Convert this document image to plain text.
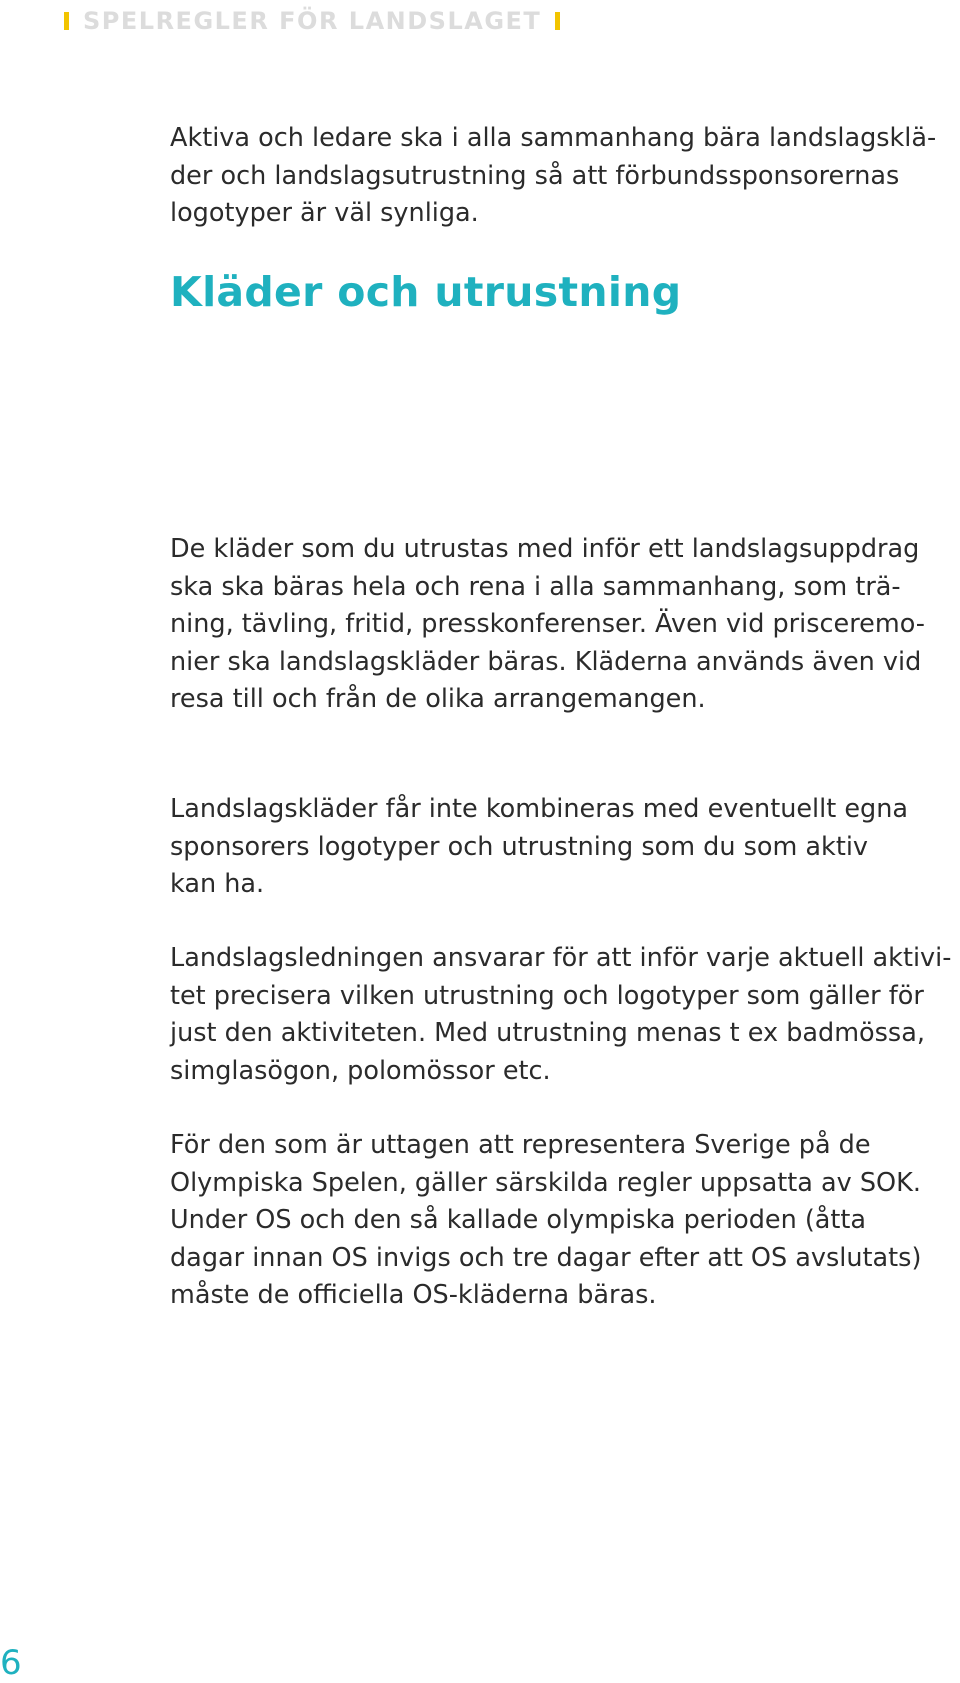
SPELREGLER FÖR LANDSLAGET
Kläder och utrustning

Aktiva och ledare ska i alla sammanhang bära landslagsklä-
der och landslagsutrustning så att förbundssponsorernas
logotyper är väl synliga.

De kläder som du utrustas med inför ett landslagsuppdrag
ska ska bäras hela och rena i alla sammanhang, som trä-
ning, tävling, fritid, presskonferenser. Även vid prisceremo-
nier ska landslagskläder bäras. Kläderna används även vid
resa till och från de olika arrangemangen.

Landslagskläder får inte kombineras med eventuellt egna
sponsorers logotyper och utrustning som du som aktiv
kan ha.

Landslagsledningen ansvarar för att inför varje aktuell aktivi-
tet precisera vilken utrustning och logotyper som gäller för
just den aktiviteten. Med utrustning menas t ex badmössa,
simglasögon, polomössor etc.

För den som är uttagen att representera Sverige på de
Olympiska Spelen, gäller särskilda regler uppsatta av SOK.
Under OS och den så kallade olympiska perioden (åtta
dagar innan OS invigs och tre dagar efter att OS avslutats)
måste de officiella OS-kläderna bäras.

6
